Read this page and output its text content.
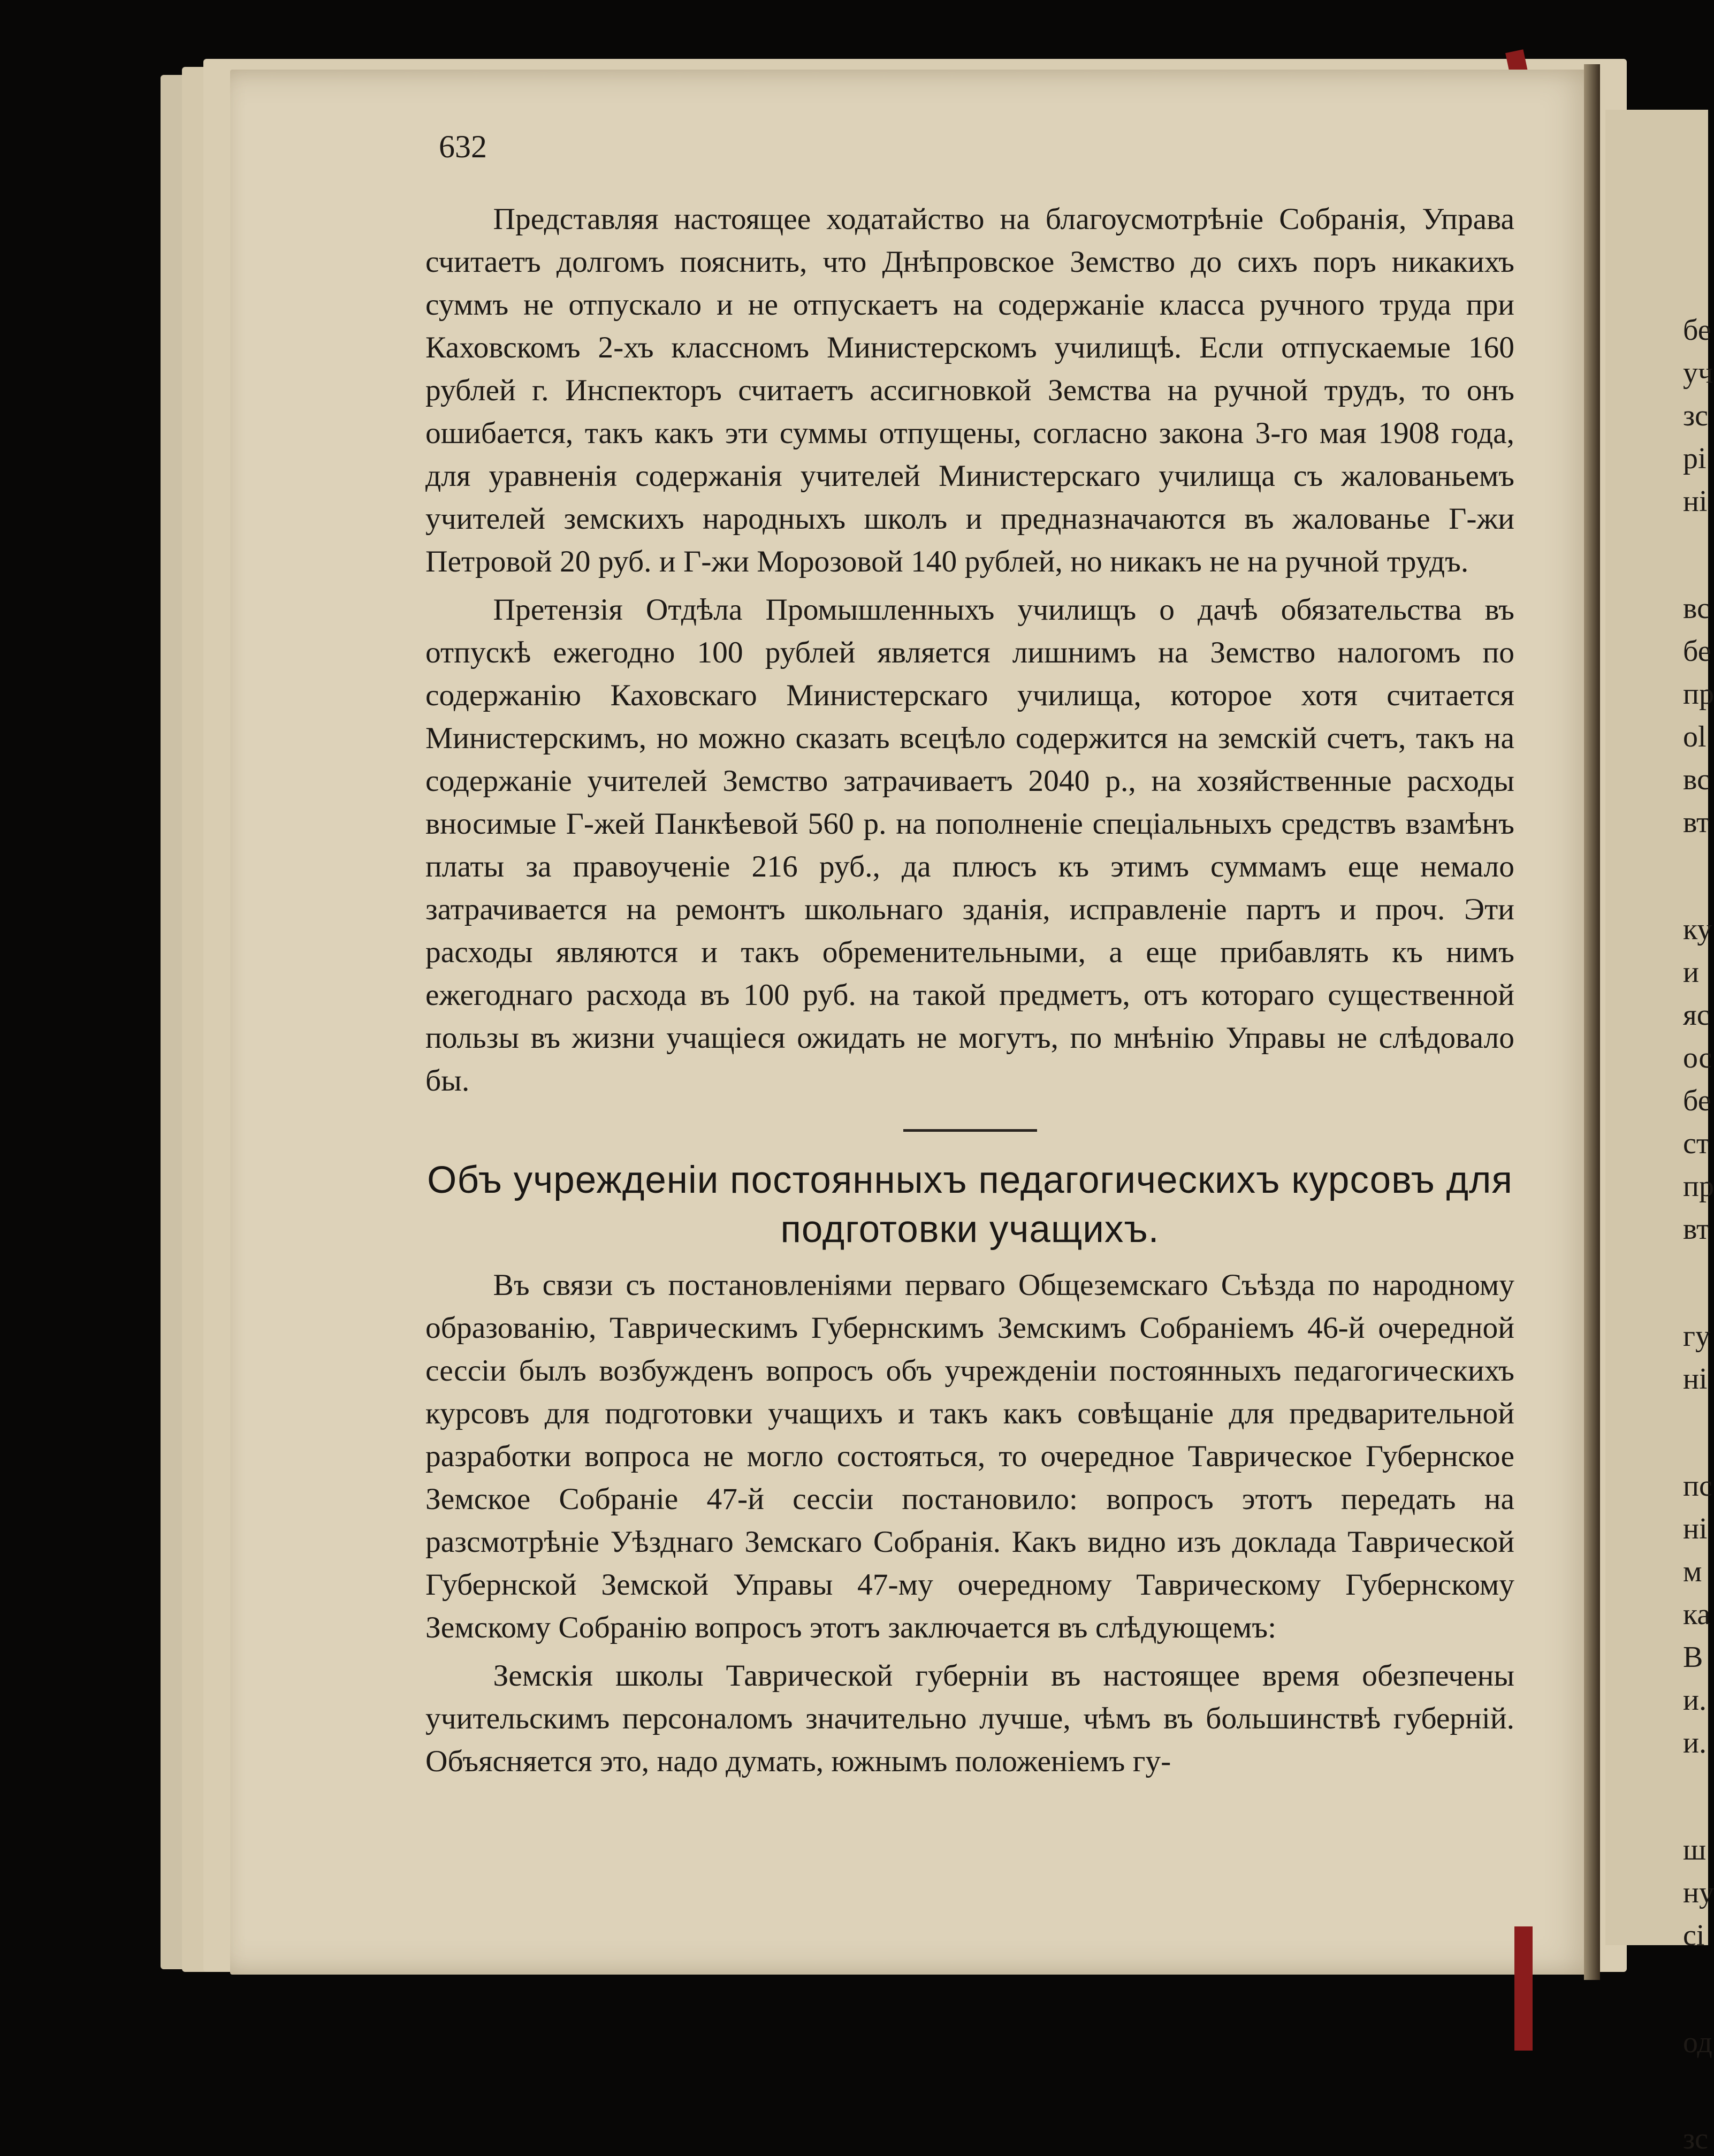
бе
уч
зс
рі
ні
вс
бе
пр
ol
вс
вт
ку
и
яс
ос
бе
ст
пр
вт
гу
ні
пс
ні
м
ка
В
и.
и.
ш
ну
сі
од
зс
632

Представляя настоящее ходатайство на благоусмотрѣніе Собранія, Управа считаетъ долгомъ пояснить, что Днѣпровское Земство до сихъ поръ никакихъ суммъ не отпускало и не отпускаетъ на содержаніе класса ручного труда при Каховскомъ 2-хъ классномъ Министерскомъ училищѣ. Если отпускаемые 160 рублей г. Инспекторъ считаетъ ассигновкой Земства на ручной трудъ, то онъ ошибается, такъ какъ эти суммы отпущены, согласно закона 3-го мая 1908 года, для уравненія содержанія учителей Министерскаго училища съ жалованьемъ учителей земскихъ народныхъ школъ и предназначаются въ жалованье Г-жи Петровой 20 руб. и Г-жи Морозовой 140 рублей, но никакъ не на ручной трудъ.

Претензія Отдѣла Промышленныхъ училищъ о дачѣ обязательства въ отпускѣ ежегодно 100 рублей является лишнимъ на Земство налогомъ по содержанію Каховскаго Министерскаго училища, которое хотя считается Министерскимъ, но можно сказать всецѣло содержится на земскій счетъ, такъ на содержаніе учителей Земство затрачиваетъ 2040 р., на хозяйственные расходы вносимые Г-жей Панкѣевой 560 р. на пополненіе спеціальныхъ средствъ взамѣнъ платы за правоученіе 216 руб., да плюсъ къ этимъ суммамъ еще немало затрачивается на ремонтъ школьнаго зданія, исправленіе партъ и проч. Эти расходы являются и такъ обременительными, а еще прибавлять къ нимъ ежегоднаго расхода въ 100 руб. на такой предметъ, отъ котораго существенной пользы въ жизни учащіеся ожидать не могутъ, по мнѣнію Управы не слѣдовало бы.

Объ учрежденіи постоянныхъ педагогическихъ курсовъ для подготовки учащихъ.

Въ связи съ постановленіями перваго Общеземскаго Съѣзда по народному образованію, Таврическимъ Губернскимъ Земскимъ Собраніемъ 46-й очередной сессіи былъ возбужденъ вопросъ объ учрежденіи постоянныхъ педагогическихъ курсовъ для подготовки учащихъ и такъ какъ совѣщаніе для предварительной разработки вопроса не могло состояться, то очередное Таврическое Губернское Земское Собраніе 47-й сессіи постановило: вопросъ этотъ передать на разсмотрѣніе Уѣзднаго Земскаго Собранія. Какъ видно изъ доклада Таврической Губернской Земской Управы 47-му очередному Таврическому Губернскому Земскому Собранію вопросъ этотъ заключается въ слѣдующемъ:

Земскія школы Таврической губерніи въ настоящее время обезпечены учительскимъ персоналомъ значительно лучше, чѣмъ въ большинствѣ губерній. Объясняется это, надо думать, южнымъ положеніемъ гу-
